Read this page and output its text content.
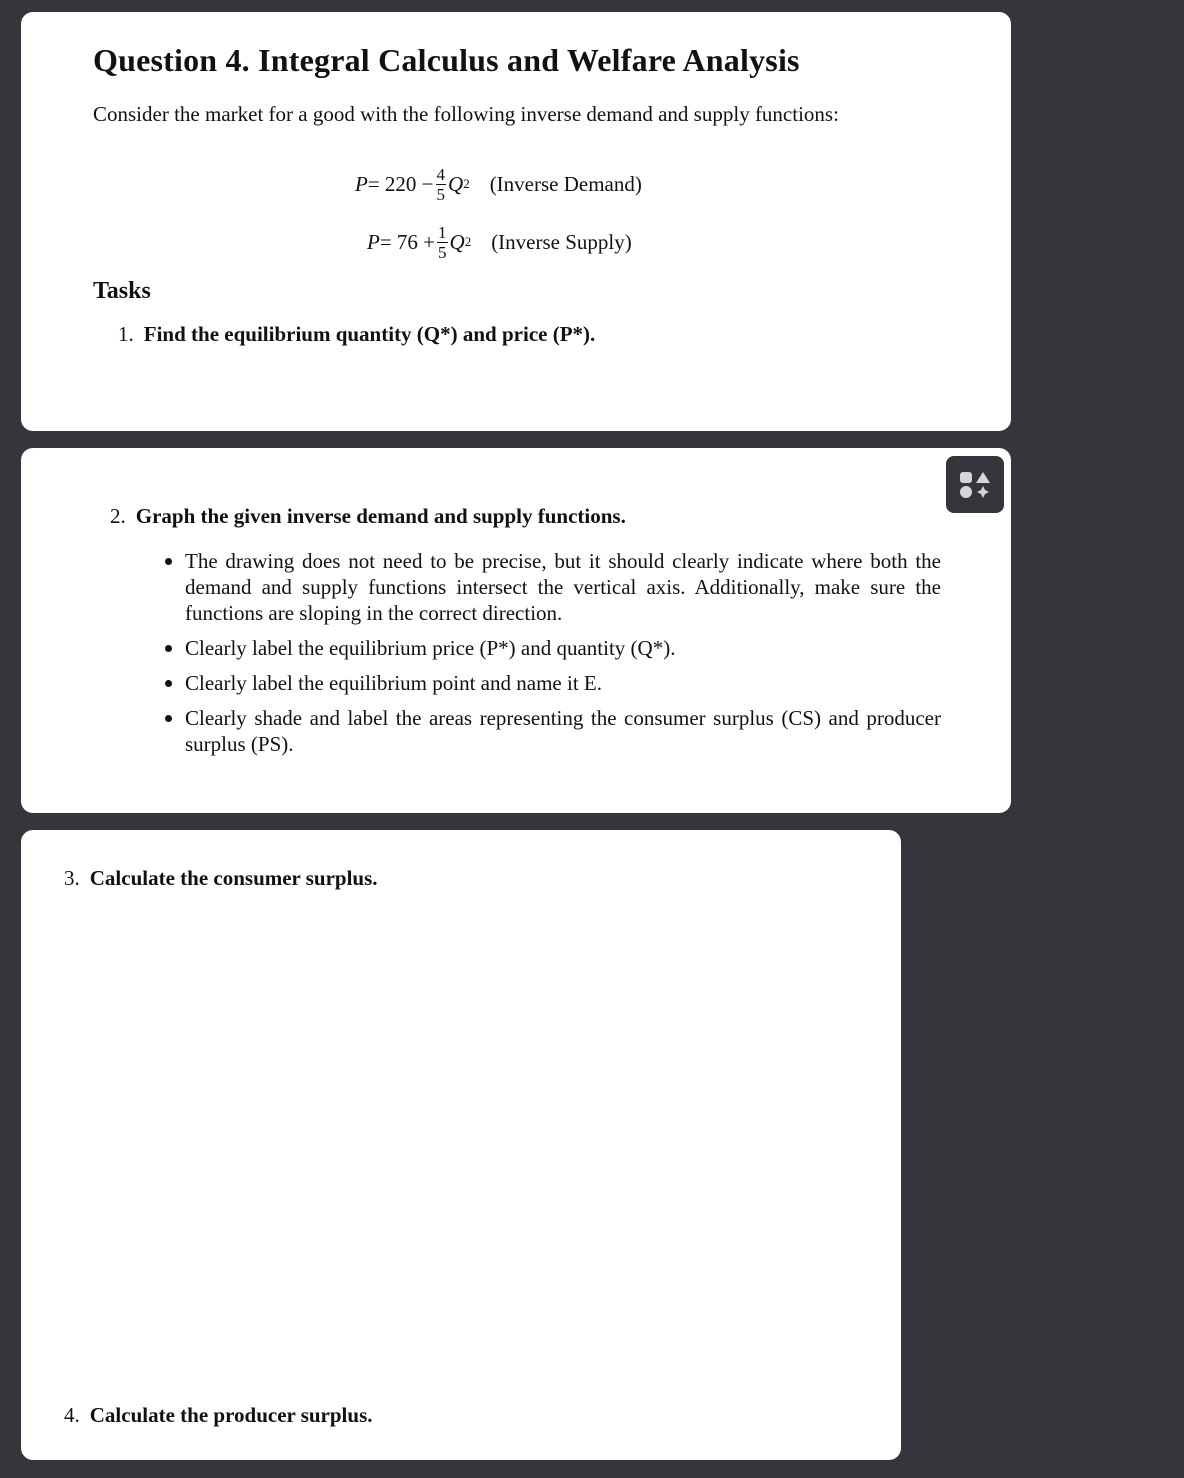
Question 4. Integral Calculus and Welfare Analysis

Consider the market for a good with the following inverse demand and supply functions:

$P = 220 - \frac{4}{5}$ Q 2 (Inverse Demand)
$P = 76 + \frac{1}{5}$ Q 2 (Inverse Supply)
Tasks
1. Find the equilibrium quantity (Q*) and price (P*).
2. Graph the given inverse demand and supply functions.
The drawing does not need to be precise, but it should clearly indicate where both the demand and supply functions intersect the vertical axis. Additionally, make sure the functions are sloping in the correct direction.
Clearly label the equilibrium price (P*) and quantity (Q*).
Clearly label the equilibrium point and name it E.
Clearly shade and label the areas representing the consumer surplus (CS) and producer surplus (PS).
3. Calculate the consumer surplus.
4. Calculate the producer surplus.
